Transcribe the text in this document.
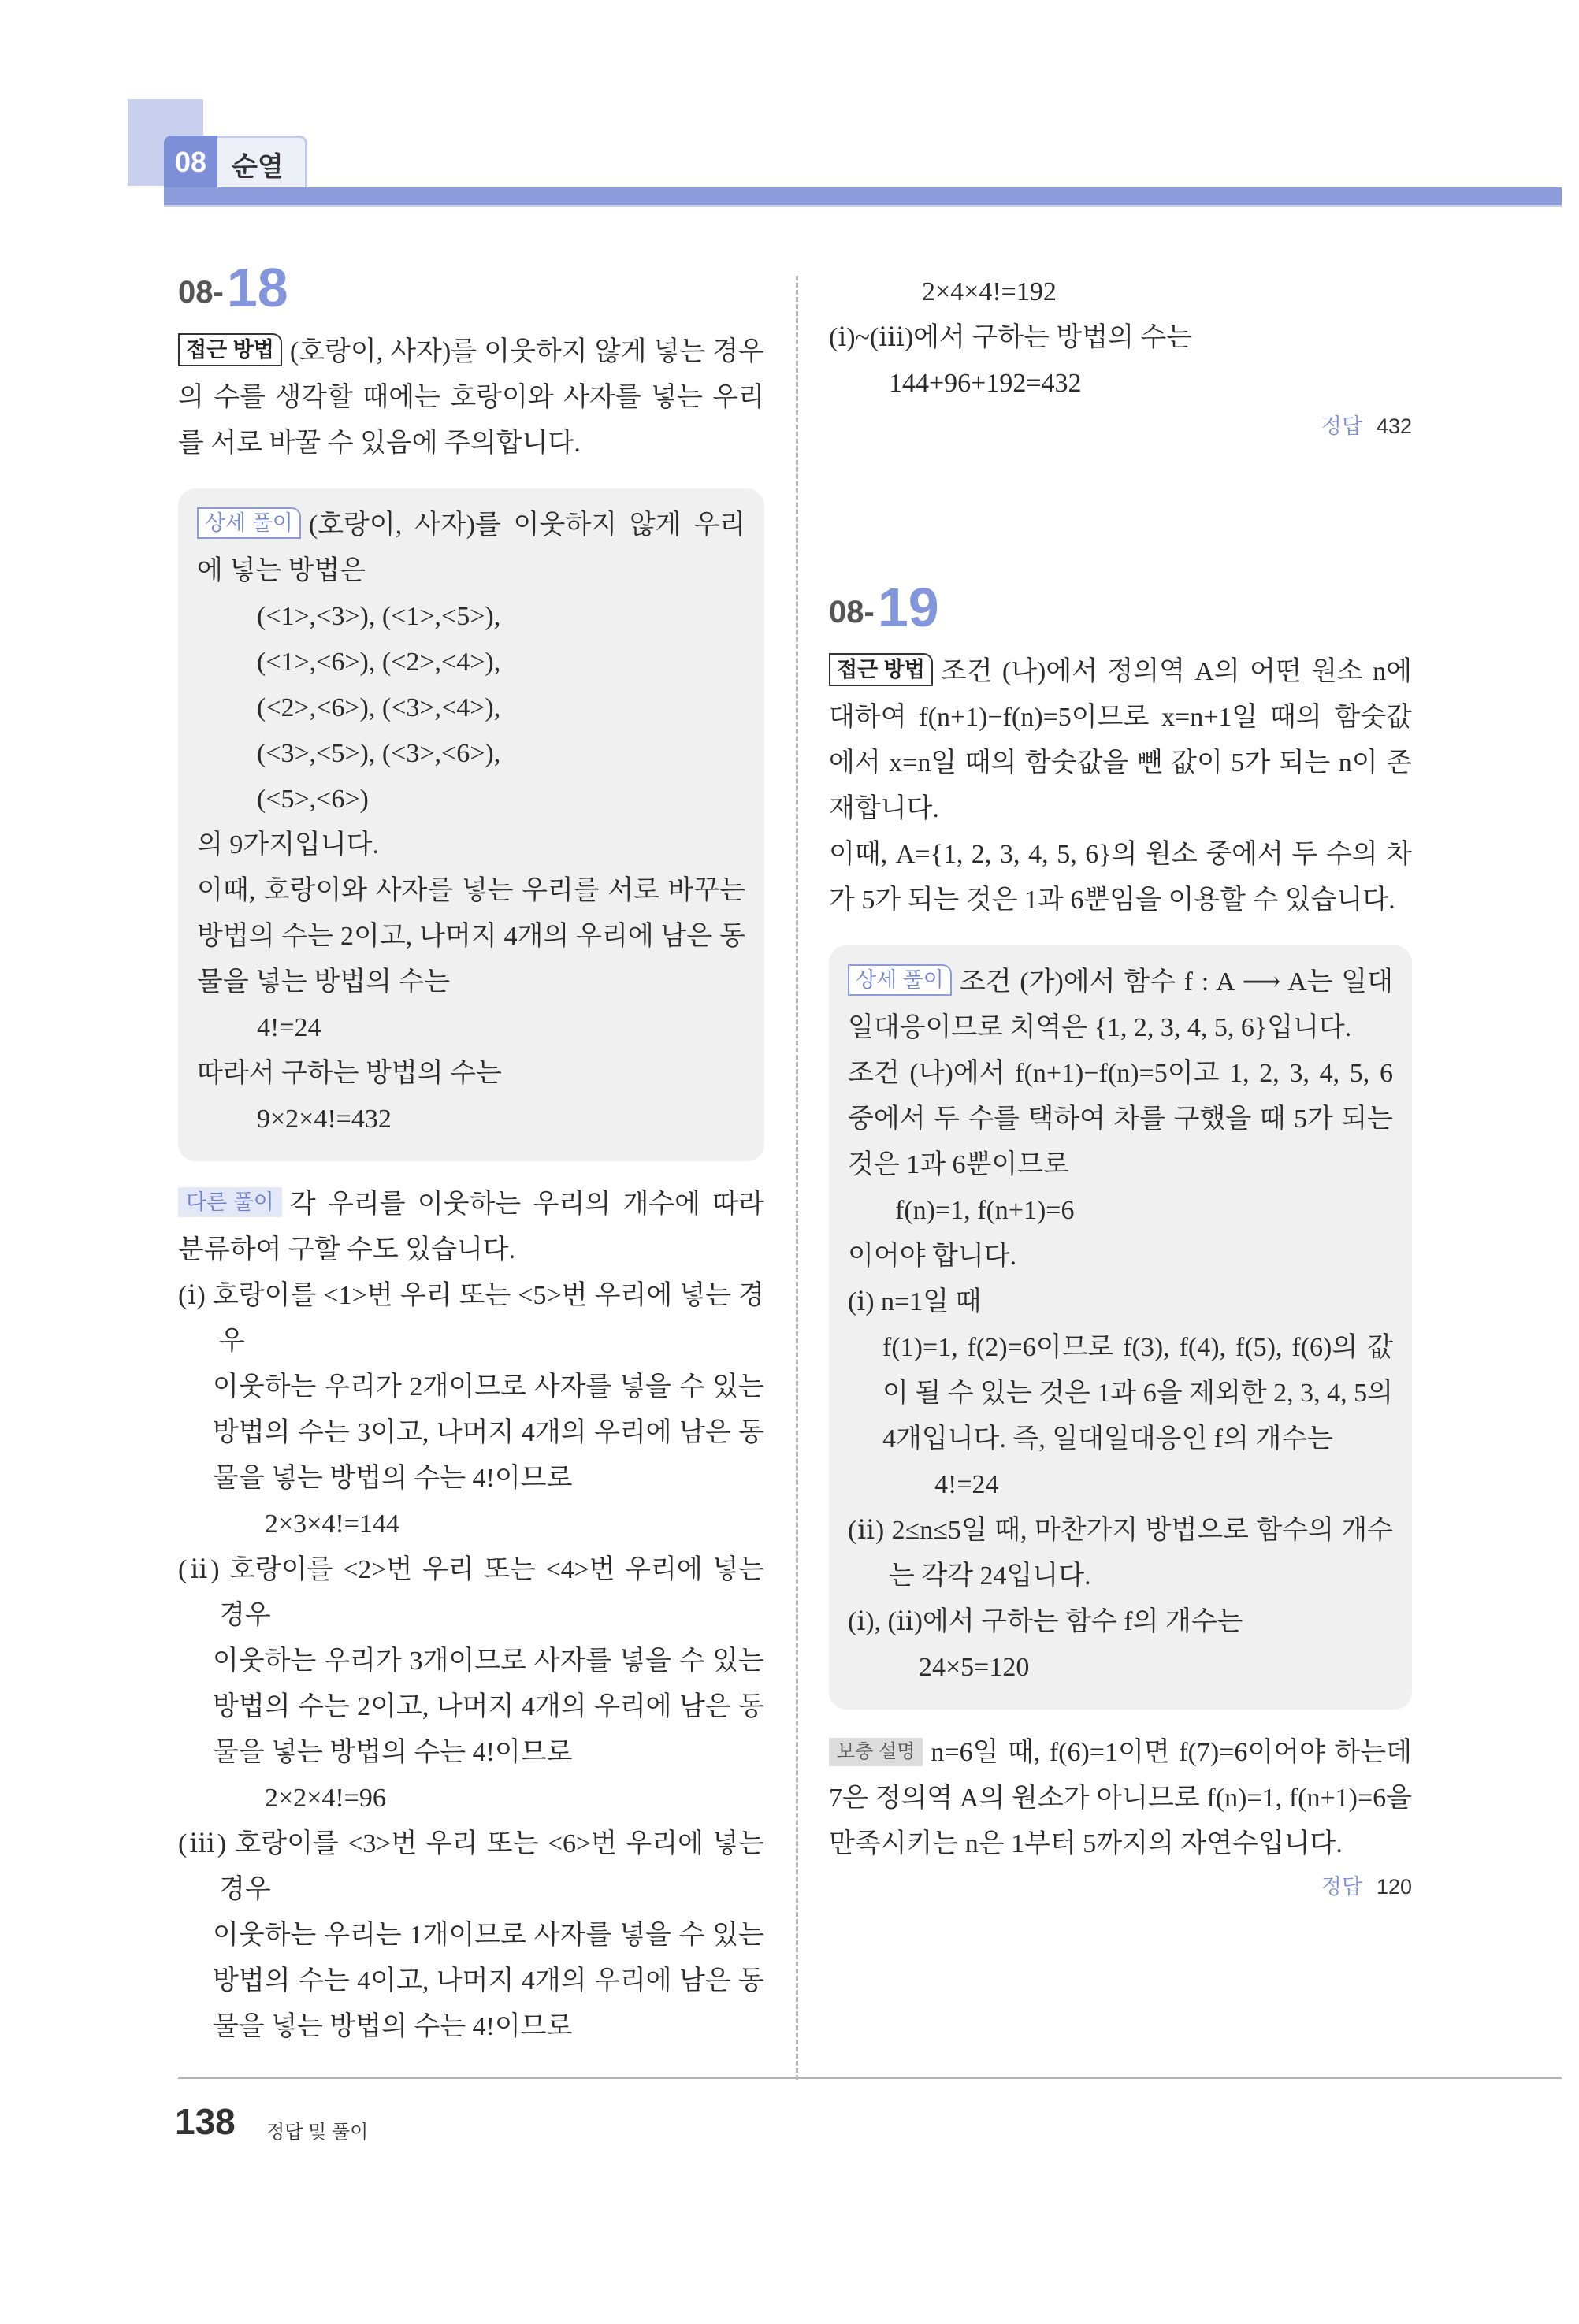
08 순열
08- 18

접근 방법 (호랑이, 사자)를 이웃하지 않게 넣는 경우의 수를 생각할 때에는 호랑이와 사자를 넣는 우리를 서로 바꿀 수 있음에 주의합니다.

상세 풀이 (호랑이, 사자)를 이웃하지 않게 우리에 넣는 방법은

(<1>,<3>), (<1>,<5>),

(<1>,<6>), (<2>,<4>),

(<2>,<6>), (<3>,<4>),

(<3>,<5>), (<3>,<6>),

(<5>,<6>)

의 9가지입니다.

이때, 호랑이와 사자를 넣는 우리를 서로 바꾸는 방법의 수는 2이고, 나머지 4개의 우리에 남은 동물을 넣는 방법의 수는

4!=24

따라서 구하는 방법의 수는

9×2×4!=432

다른 풀이 각 우리를 이웃하는 우리의 개수에 따라 분류하여 구할 수도 있습니다.

(ⅰ) 호랑이를 <1>번 우리 또는 <5>번 우리에 넣는 경우

이웃하는 우리가 2개이므로 사자를 넣을 수 있는 방법의 수는 3이고, 나머지 4개의 우리에 남은 동물을 넣는 방법의 수는 4!이므로

2×3×4!=144

(ⅱ) 호랑이를 <2>번 우리 또는 <4>번 우리에 넣는 경우

이웃하는 우리가 3개이므로 사자를 넣을 수 있는 방법의 수는 2이고, 나머지 4개의 우리에 남은 동물을 넣는 방법의 수는 4!이므로

2×2×4!=96

(ⅲ) 호랑이를 <3>번 우리 또는 <6>번 우리에 넣는 경우

이웃하는 우리는 1개이므로 사자를 넣을 수 있는 방법의 수는 4이고, 나머지 4개의 우리에 남은 동물을 넣는 방법의 수는 4!이므로

2×4×4!=192

(ⅰ)~(ⅲ)에서 구하는 방법의 수는

144+96+192=432

정답 432
08- 19

접근 방법 조건 (나)에서 정의역 A의 어떤 원소 n에 대하여 f(n+1)−f(n)=5이므로 x=n+1일 때의 함숫값에서 x=n일 때의 함숫값을 뺀 값이 5가 되는 n이 존재합니다.

이때, A={1, 2, 3, 4, 5, 6}의 원소 중에서 두 수의 차가 5가 되는 것은 1과 6뿐임을 이용할 수 있습니다.

상세 풀이 조건 (가)에서 함수 f : A ⟶ A는 일대일대응이므로 치역은 {1, 2, 3, 4, 5, 6}입니다.

조건 (나)에서 f(n+1)−f(n)=5이고 1, 2, 3, 4, 5, 6 중에서 두 수를 택하여 차를 구했을 때 5가 되는 것은 1과 6뿐이므로

f(n)=1, f(n+1)=6

이어야 합니다.

(ⅰ) n=1일 때

f(1)=1, f(2)=6이므로 f(3), f(4), f(5), f(6)의 값이 될 수 있는 것은 1과 6을 제외한 2, 3, 4, 5의 4개입니다. 즉, 일대일대응인 f의 개수는

4!=24

(ⅱ) 2≤n≤5일 때, 마찬가지 방법으로 함수의 개수는 각각 24입니다.

(ⅰ), (ⅱ)에서 구하는 함수 f의 개수는

24×5=120

보충 설명 n=6일 때, f(6)=1이면 f(7)=6이어야 하는데 7은 정의역 A의 원소가 아니므로 f(n)=1, f(n+1)=6을 만족시키는 n은 1부터 5까지의 자연수입니다.

정답 120
138 정답 및 풀이
